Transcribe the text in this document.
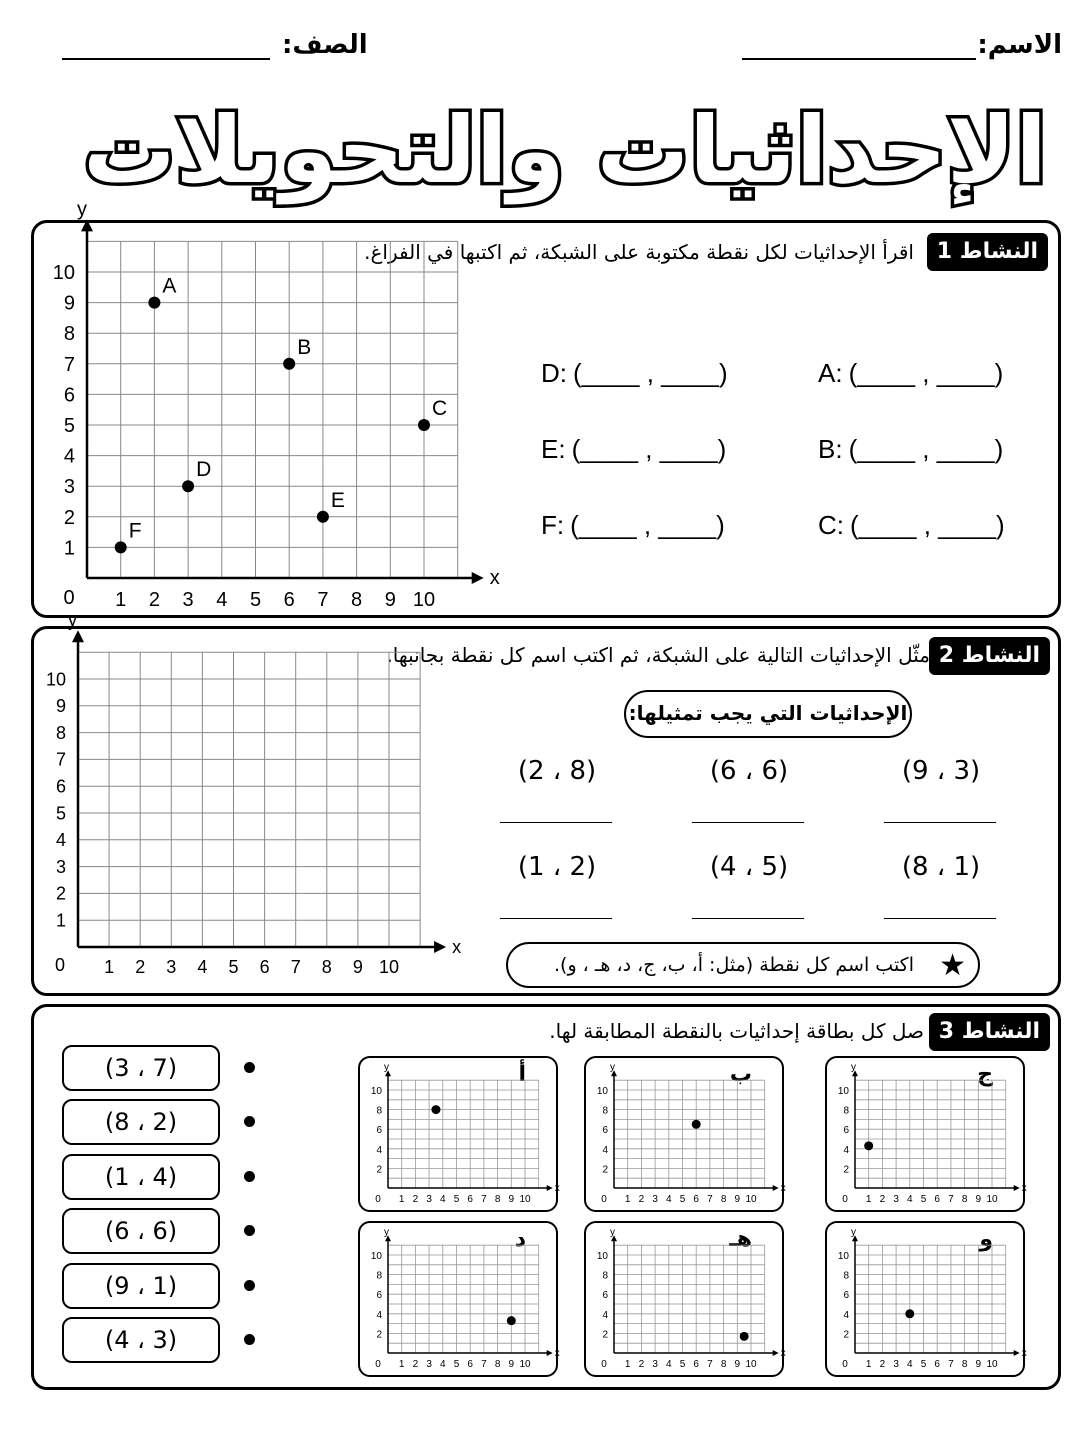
الاسم:
الصف:
الإحداثيات والتحويلات
النشاط 1
اقرأ الإحداثيات لكل نقطة مكتوبة على الشبكة، ثم اكتبها في الفراغ.
x
y
0 1 2 3 4 5 6 7 8 9 10
1
2
3
4
5
6
7
8
9
10
A
B
C
D
E
F
A: (____ , ____)
B: (____ , ____)
C: (____ , ____)
D: (____ , ____)
E: (____ , ____)
F: (____ , ____)
النشاط 2
مثّل الإحداثيات التالية على الشبكة، ثم اكتب اسم كل نقطة بجانبها.
x
y
0 1 2 3 4 5 6 7 8 9 10
1
2
3
4
5
6
7
8
9
10
الإحداثيات التي يجب تمثيلها:
(9 ، 3)
(6 ، 6)
(2 ، 8)
(8 ، 1)
(4 ، 5)
(1 ، 2)
★
اكتب اسم كل نقطة (مثل: أ، ب، ج، د، هـ ، و).
النشاط 3
صل كل بطاقة إحداثيات بالنقطة المطابقة لها.
(3 ، 7)
(8 ، 2)
(1 ، 4)
(6 ، 6)
(9 ، 1)
(4 ، 3)
أ
x
y
0 1 2 3 4 5 6 7 8 9 10
2
4
6
8
10
ب
x
y
0 1 2 3 4 5 6 7 8 9 10
2
4
6
8
10
ج
x
y
0 1 2 3 4 5 6 7 8 9 10
2
4
6
8
10
د
x
y
0 1 2 3 4 5 6 7 8 9 10
2
4
6
8
10
هـ
x
y
0 1 2 3 4 5 6 7 8 9 10
2
4
6
8
10
و
x
y
0 1 2 3 4 5 6 7 8 9 10
2
4
6
8
10
